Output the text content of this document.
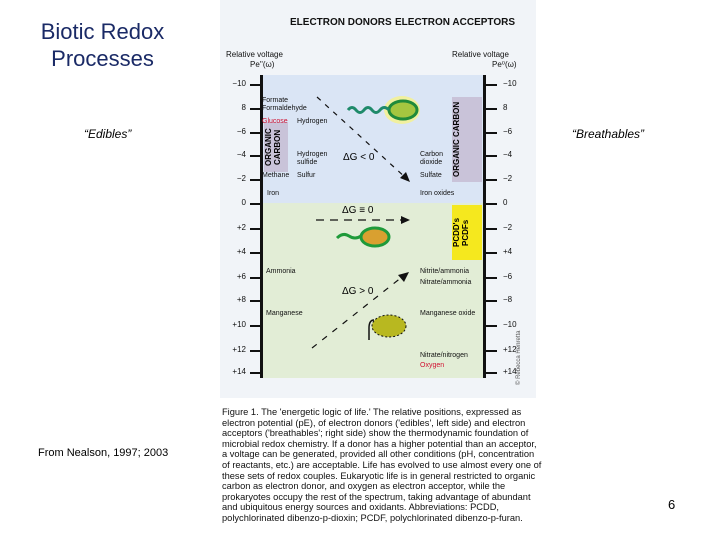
Biotic Redox Processes
“Edibles”	“Breathables”
From Nealson, 1997; 2003
6
ELECTRON DONORS ELECTRON ACCEPTORS
Relative voltage
Pe''(ω)
Relative voltage
Pe⁰(ω)
−10	−10
8	8
−6	−6
−4	−4
−2	−2
0	0
+2	−2
+4	+4
+6	−6
+8	−8
+10	−10
+12	+12
+14	+14
ORGANIC CARBON	ORGANIC CARBON
PCDD's PCDFs
Formate
Formaldehyde
Glucose Hydrogen
Hydrogen sulfide
Methane Sulfur
Iron
Ammonia
Manganese
Carbon dioxide
Sulfate
Iron oxides
Nitrite/ammonia
Nitrate/ammonia
Manganese oxide
Nitrate/nitrogen
Oxygen
ΔG < 0
ΔG ≡ 0
ΔG > 0
© Rebecca Henretta
Figure 1. The 'energetic logic of life.' The relative positions, expressed as electron potential (pE), of electron donors ('edibles', left side) and electron acceptors ('breathables'; right side) show the thermodynamic foundation of microbial redox chemistry. If a donor has a higher potential than an acceptor, a voltage can be generated, provided all other conditions (pH, concentration of reactants, etc.) are acceptable. Life has evolved to use almost every one of these sets of redox couples. Eukaryotic life is in general restricted to organic carbon as electron donor, and oxygen as electron acceptor, while the prokaryotes occupy the rest of the spectrum, taking advantage of abundant and ubiquitous energy sources and oxidants. Abbreviations: PCDD, polychlorinated dibenzo-p-dioxin; PCDF, polychlorinated dibenzo-p-furan.
